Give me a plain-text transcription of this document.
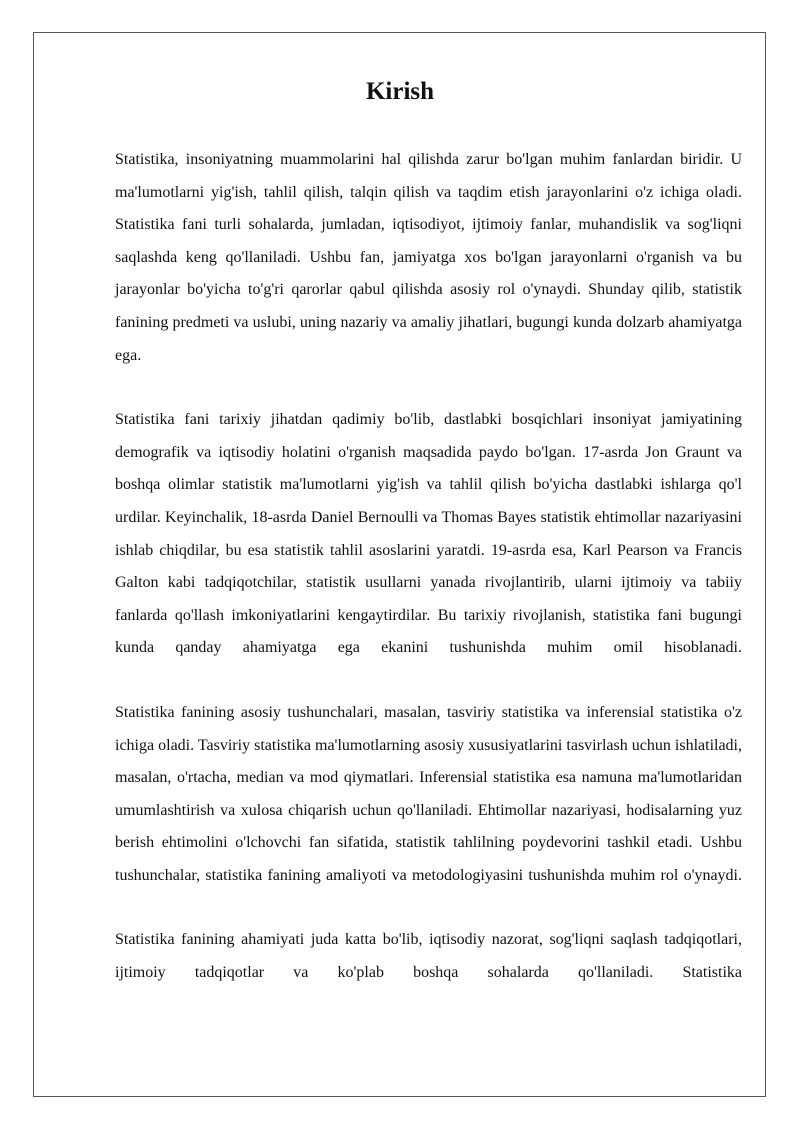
Kirish

Statistika, insoniyatning muammolarini hal qilishda zarur bo'lgan muhim fanlardan biridir. U ma'lumotlarni yig'ish, tahlil qilish, talqin qilish va taqdim etish jarayonlarini o'z ichiga oladi. Statistika fani turli sohalarda, jumladan, iqtisodiyot, ijtimoiy fanlar, muhandislik va sog'liqni saqlashda keng qo'llaniladi. Ushbu fan, jamiyatga xos bo'lgan jarayonlarni o'rganish va bu jarayonlar bo'yicha to'g'ri qarorlar qabul qilishda asosiy rol o'ynaydi. Shunday qilib, statistik fanining predmeti va uslubi, uning nazariy va amaliy jihatlari, bugungi kunda dolzarb ahamiyatga ega.

Statistika fani tarixiy jihatdan qadimiy bo'lib, dastlabki bosqichlari insoniyat jamiyatining demografik va iqtisodiy holatini o'rganish maqsadida paydo bo'lgan. 17-asrda Jon Graunt va boshqa olimlar statistik ma'lumotlarni yig'ish va tahlil qilish bo'yicha dastlabki ishlarga qo'l urdilar. Keyinchalik, 18-asrda Daniel Bernoulli va Thomas Bayes statistik ehtimollar nazariyasini ishlab chiqdilar, bu esa statistik tahlil asoslarini yaratdi. 19-asrda esa, Karl Pearson va Francis Galton kabi tadqiqotchilar, statistik usullarni yanada rivojlantirib, ularni ijtimoiy va tabiiy fanlarda qo'llash imkoniyatlarini kengaytirdilar. Bu tarixiy rivojlanish, statistika fani bugungi kunda qanday ahamiyatga ega ekanini tushunishda muhim omil hisoblanadi.

Statistika fanining asosiy tushunchalari, masalan, tasviriy statistika va inferensial statistika o'z ichiga oladi. Tasviriy statistika ma'lumotlarning asosiy xususiyatlarini tasvirlash uchun ishlatiladi, masalan, o'rtacha, median va mod qiymatlari. Inferensial statistika esa namuna ma'lumotlaridan umumlashtirish va xulosa chiqarish uchun qo'llaniladi. Ehtimollar nazariyasi, hodisalarning yuz berish ehtimolini o'lchovchi fan sifatida, statistik tahlilning poydevorini tashkil etadi. Ushbu tushunchalar, statistika fanining amaliyoti va metodologiyasini tushunishda muhim rol o'ynaydi.

Statistika fanining ahamiyati juda katta bo'lib, iqtisodiy nazorat, sog'liqni saqlash tadqiqotlari, ijtimoiy tadqiqotlar va ko'plab boshqa sohalarda qo'llaniladi. Statistika
